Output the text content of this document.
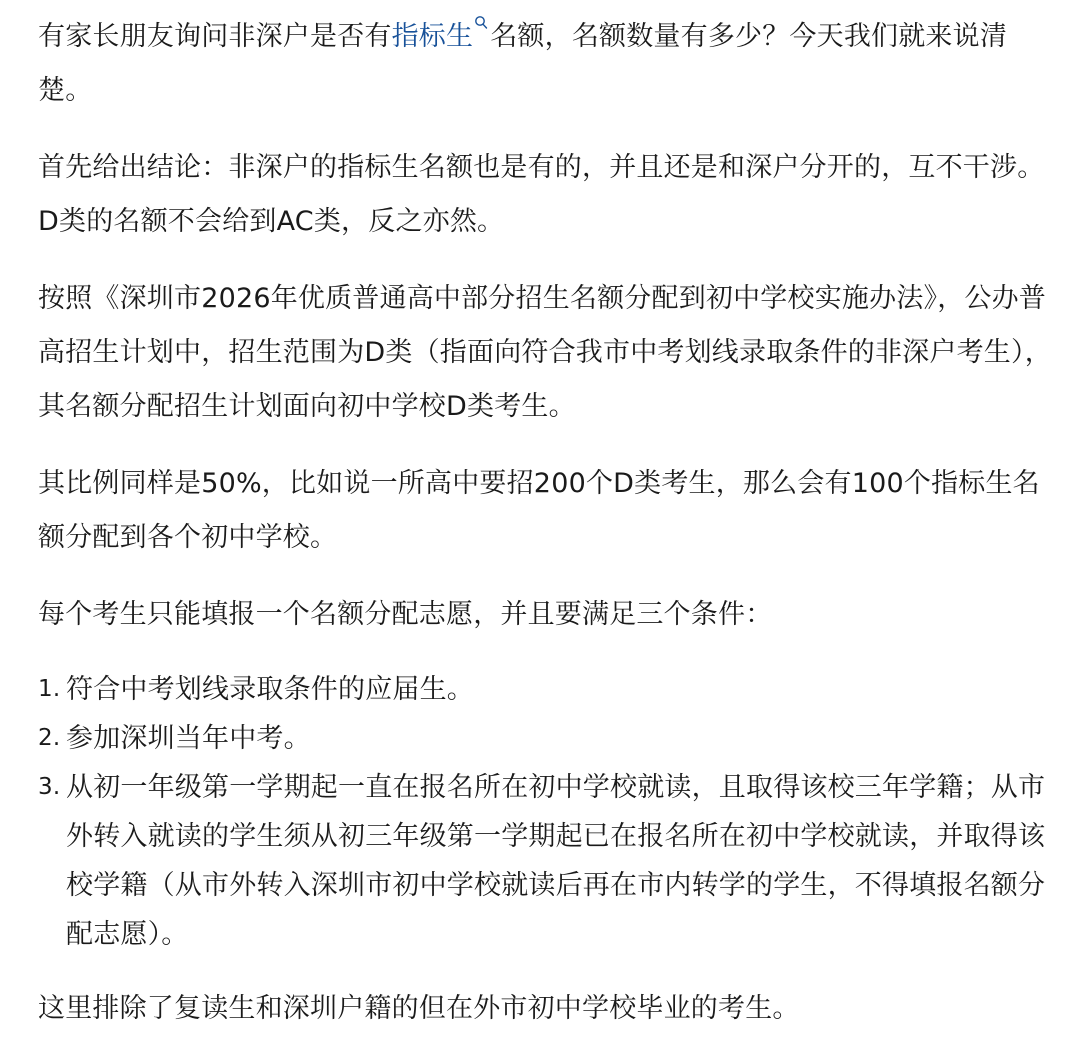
有家长朋友询问非深户是否有指标生 名额，名额数量有多少？今天我们就来说清楚。

首先给出结论：非深户的指标生名额也是有的，并且还是和深户分开的，互不干涉。D类的名额不会给到AC类，反之亦然。

按照《深圳市2026年优质普通高中部分招生名额分配到初中学校实施办法》，公办普高招生计划中，招生范围为D类（指面向符合我市中考划线录取条件的非深户考生），其名额分配招生计划面向初中学校D类考生。

其比例同样是50%，比如说一所高中要招200个D类考生，那么会有100个指标生名额分配到各个初中学校。

每个考生只能填报一个名额分配志愿，并且要满足三个条件：

1. 符合中考划线录取条件的应届生。
2. 参加深圳当年中考。
3. 从初一年级第一学期起一直在报名所在初中学校就读，且取得该校三年学籍；从市外转入就读的学生须从初三年级第一学期起已在报名所在初中学校就读，并取得该校学籍（从市外转入深圳市初中学校就读后再在市内转学的学生，不得填报名额分配志愿）。

这里排除了复读生和深圳户籍的但在外市初中学校毕业的考生。
